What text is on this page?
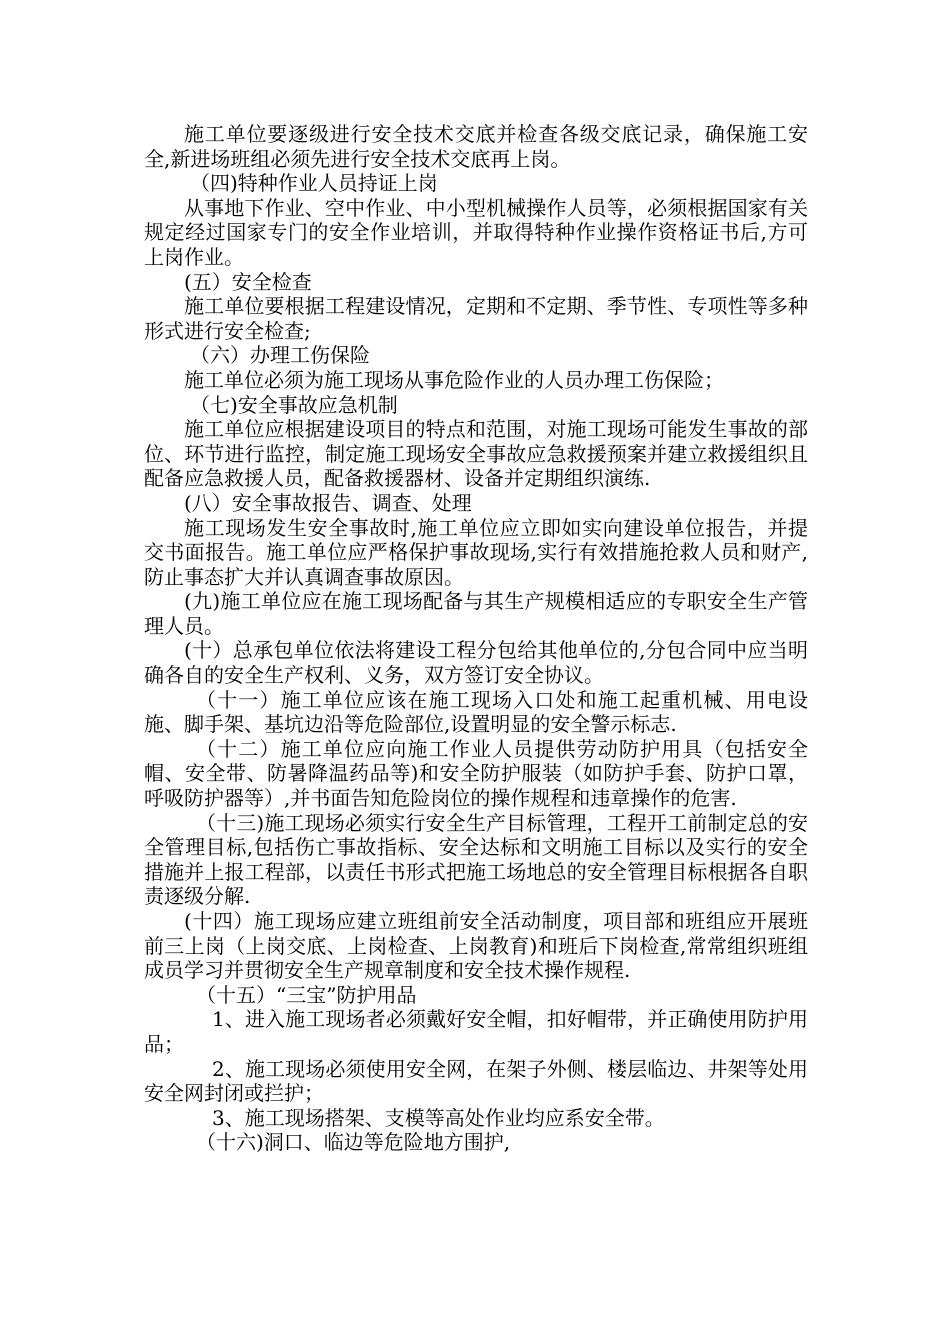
施工单位要逐级进行安全技术交底并检查各级交底记录，确保施工安全,新进场班组必须先进行安全技术交底再上岗。

（四)特种作业人员持证上岗

从事地下作业、空中作业、中小型机械操作人员等，必须根据国家有关规定经过国家专门的安全作业培训，并取得特种作业操作资格证书后,方可上岗作业。

(五）安全检查

施工单位要根据工程建设情况，定期和不定期、季节性、专项性等多种形式进行安全检查;

（六）办理工伤保险

施工单位必须为施工现场从事危险作业的人员办理工伤保险；

（七)安全事故应急机制

施工单位应根据建设项目的特点和范围，对施工现场可能发生事故的部位、环节进行监控，制定施工现场安全事故应急救援预案并建立救援组织且配备应急救援人员，配备救援器材、设备并定期组织演练.

(八）安全事故报告、调查、处理

施工现场发生安全事故时,施工单位应立即如实向建设单位报告，并提交书面报告。施工单位应严格保护事故现场,实行有效措施抢救人员和财产,防止事态扩大并认真调查事故原因。

(九)施工单位应在施工现场配备与其生产规模相适应的专职安全生产管理人员。

(十）总承包单位依法将建设工程分包给其他单位的,分包合同中应当明确各自的安全生产权利、义务，双方签订安全协议。

（十一）施工单位应该在施工现场入口处和施工起重机械、用电设施、脚手架、基坑边沿等危险部位,设置明显的安全警示标志.

（十二）施工单位应向施工作业人员提供劳动防护用具（包括安全帽、安全带、防暑降温药品等)和安全防护服装（如防护手套、防护口罩，呼吸防护器等）,并书面告知危险岗位的操作规程和违章操作的危害.

（十三)施工现场必须实行安全生产目标管理，工程开工前制定总的安全管理目标,包括伤亡事故指标、安全达标和文明施工目标以及实行的安全措施并上报工程部，以责任书形式把施工场地总的安全管理目标根据各自职责逐级分解.

(十四）施工现场应建立班组前安全活动制度，项目部和班组应开展班前三上岗（上岗交底、上岗检查、上岗教育)和班后下岗检查,常常组织班组成员学习并贯彻安全生产规章制度和安全技术操作规程.

（十五）“三宝”防护用品

1、进入施工现场者必须戴好安全帽，扣好帽带，并正确使用防护用品；

2、施工现场必须使用安全网，在架子外侧、楼层临边、井架等处用安全网封闭或拦护；

3、施工现场搭架、支模等高处作业均应系安全带。

（十六)洞口、临边等危险地方围护,
